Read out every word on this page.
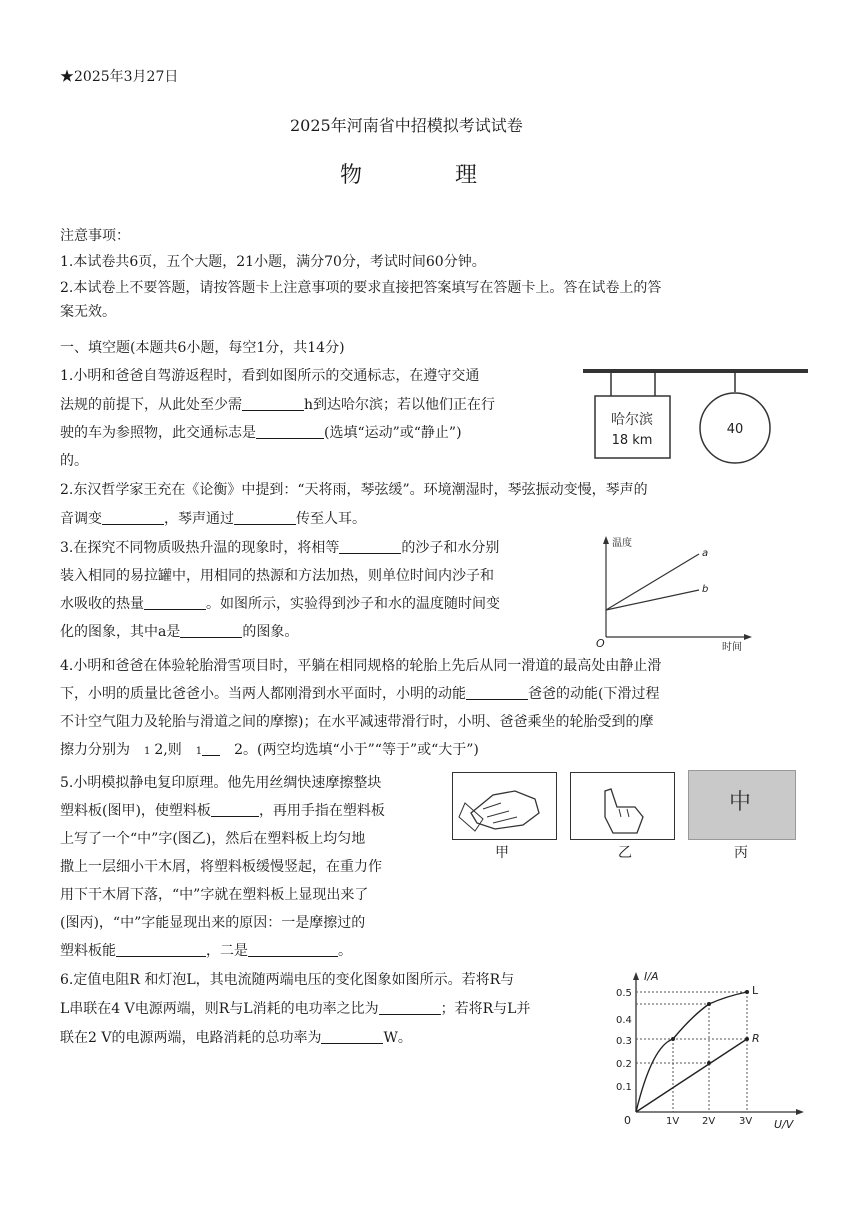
★2025年3月27日
2025年河南省中招模拟考试试卷
物	理
注意事项：
1.本试卷共6页，五个大题，21小题，满分70分，考试时间60分钟。
2.本试卷上不要答题，请按答题卡上注意事项的要求直接把答案填写在答题卡上。答在试卷上的答
案无效。
一、填空题(本题共6小题，每空1分，共14分)
1.小明和爸爸自驾游返程时，看到如图所示的交通标志，在遵守交通
法规的前提下，从此处至少需	h到达哈尔滨；若以他们正在行
驶的车为参照物，此交通标志是	(选填“运动”或“静止”)
的。
哈尔滨
18 km
40
2.东汉哲学家王充在《论衡》中提到：“天将雨，琴弦缓”。环境潮湿时，琴弦振动变慢，琴声的
音调变	，琴声通过	传至人耳。
3.在探究不同物质吸热升温的现象时，将相等	的沙子和水分别
装入相同的易拉罐中，用相同的热源和方法加热，则单位时间内沙子和
水吸收的热量	。如图所示，实验得到沙子和水的温度随时间变
化的图象，其中a是	的图象。
温度
时间
O
a
b
4.小明和爸爸在体验轮胎滑雪项目时，平躺在相同规格的轮胎上先后从同一滑道的最高处由静止滑
下，小明的质量比爸爸小。当两人都刚滑到水平面时，小明的动能	爸爸的动能(下滑过程
不计空气阻力及轮胎与滑道之间的摩擦)；在水平减速带滑行时，小明、爸爸乘坐的轮胎受到的摩
擦力分别为 1 2,则 1 2。(两空均选填“小于”“等于”或“大于”)
5.小明模拟静电复印原理。他先用丝绸快速摩擦整块
塑料板(图甲)，使塑料板	，再用手指在塑料板
上写了一个“中”字(图乙)，然后在塑料板上均匀地
撒上一层细小干木屑，将塑料板缓慢竖起，在重力作
用下干木屑下落，“中”字就在塑料板上显现出来了
(图丙)，“中”字能显现出来的原因：一是摩擦过的
塑料板能	，二是	。
甲	乙
中
丙
6.定值电阻R 和灯泡L，其电流随两端电压的变化图象如图所示。若将R与
L串联在4 V电源两端，则R与L消耗的电功率之比为	；若将R与L并
联在2 V的电源两端，电路消耗的总功率为	W。
I/A
U/V
0
0.5
0.4
0.3
0.2
0.1
1V 2V 3V
L
R
